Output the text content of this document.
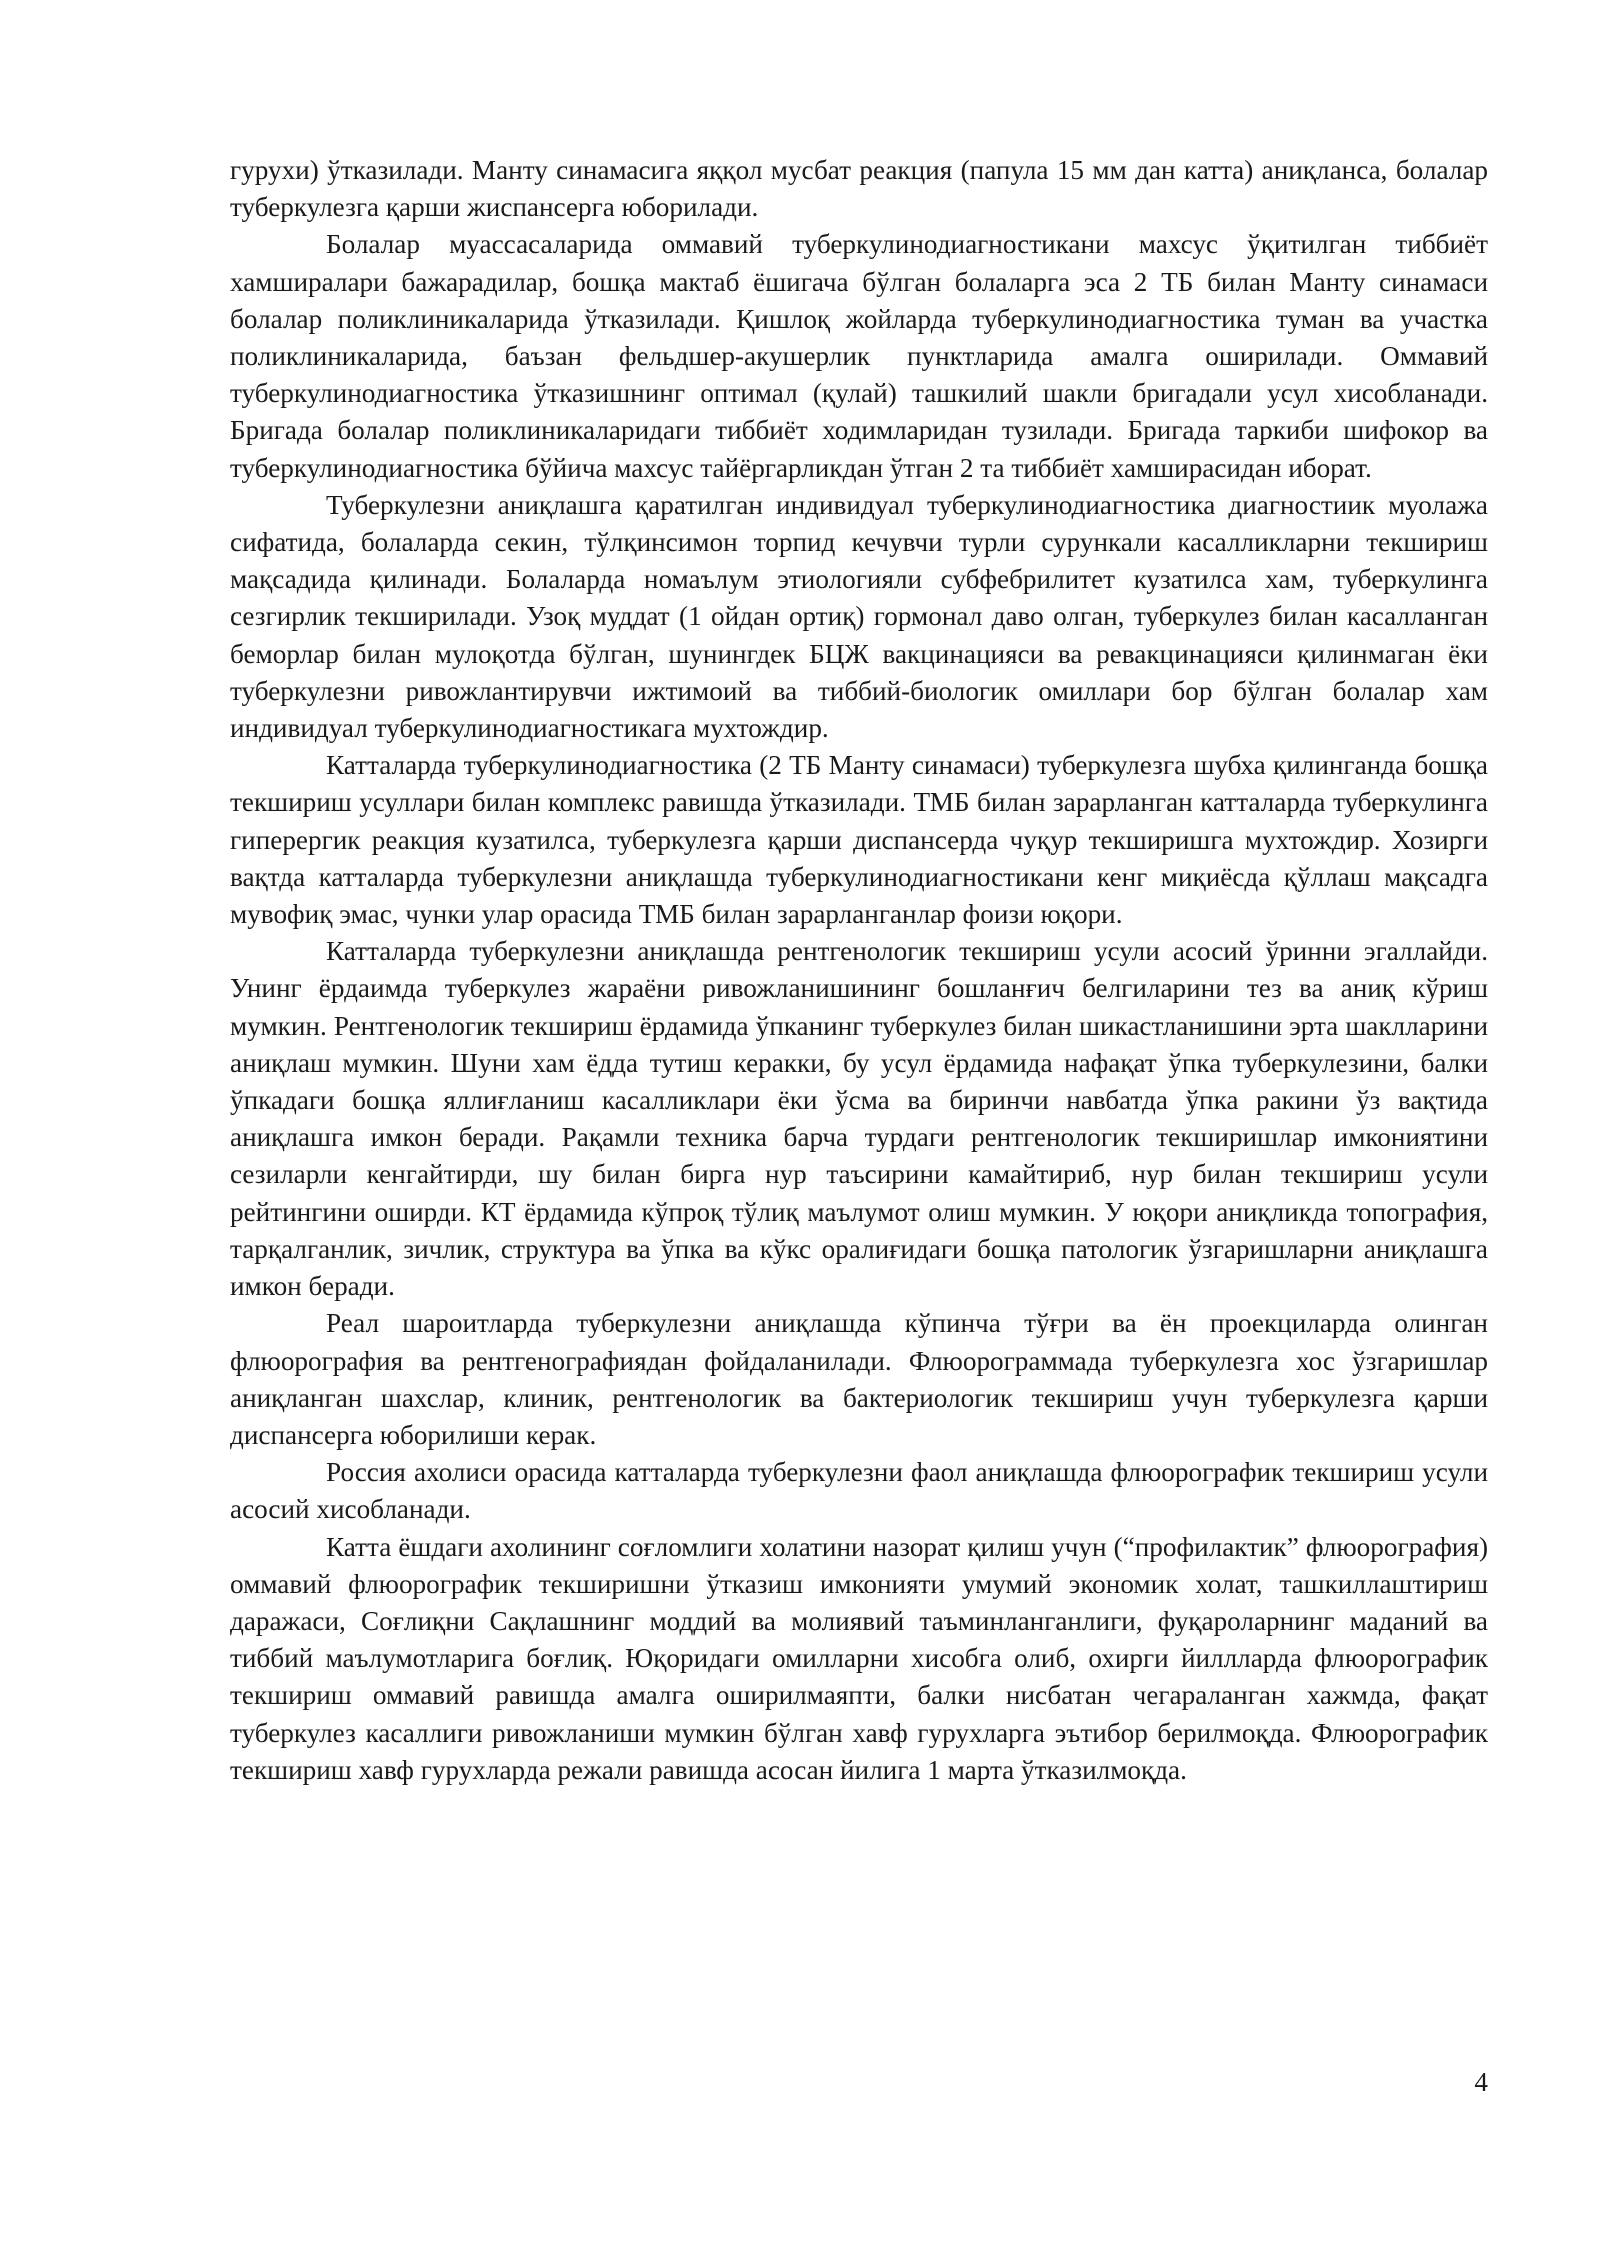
гурухи) ўтказилади. Манту синамасига яққол мусбат реакция (папула 15 мм дан катта) аниқланса, болалар туберкулезга қарши жиспансерга юборилади.

Болалар муассасаларида оммавий туберкулинодиагностикани махсус ўқитилган тиббиёт хамширалари бажарадилар, бошқа мактаб ёшигача бўлган болаларга эса 2 ТБ билан Манту синамаси болалар поликлиникаларида ўтказилади. Қишлоқ жойларда туберкулинодиагностика туман ва участка поликлиникаларида, баъзан фельдшер-акушерлик пунктларида амалга оширилади. Оммавий туберкулинодиагностика ўтказишнинг оптимал (қулай) ташкилий шакли бригадали усул хисобланади. Бригада болалар поликлиникаларидаги тиббиёт ходимларидан тузилади. Бригада таркиби шифокор ва туберкулинодиагностика бўйича махсус тайёргарликдан ўтган 2 та тиббиёт хамширасидан иборат.

Туберкулезни аниқлашга қаратилган индивидуал туберкулинодиагностика диагностиик муолажа сифатида, болаларда секин, тўлқинсимон торпид кечувчи турли сурункали касалликларни текшириш мақсадида қилинади. Болаларда номаълум этиологияли субфебрилитет кузатилса хам, туберкулинга сезгирлик текширилади. Узоқ муддат (1 ойдан ортиқ) гормонал даво олган, туберкулез билан касалланган беморлар билан мулоқотда бўлган, шунингдек БЦЖ вакцинацияси ва ревакцинацияси қилинмаган ёки туберкулезни ривожлантирувчи ижтимоий ва тиббий-биологик омиллари бор бўлган болалар хам индивидуал туберкулинодиагностикага мухтождир.

Катталарда туберкулинодиагностика (2 ТБ Манту синамаси) туберкулезга шубха қилинганда бошқа текшириш усуллари билан комплекс равишда ўтказилади. ТМБ билан зарарланган катталарда туберкулинга гиперергик реакция кузатилса, туберкулезга қарши диспансерда чуқур текширишга мухтождир. Хозирги вақтда катталарда туберкулезни аниқлашда туберкулинодиагностикани кенг миқиёсда қўллаш мақсадга мувофиқ эмас, чунки улар орасида ТМБ билан зарарланганлар фоизи юқори.

Катталарда туберкулезни аниқлашда рентгенологик текшириш усули асосий ўринни эгаллайди. Унинг ёрдаимда туберкулез жараёни ривожланишининг бошланғич белгиларини тез ва аниқ кўриш мумкин. Рентгенологик текшириш ёрдамида ўпканинг туберкулез билан шикастланишини эрта шаклларини аниқлаш мумкин. Шуни хам ёдда тутиш керакки, бу усул ёрдамида нафақат ўпка туберкулезини, балки ўпкадаги бошқа яллиғланиш касалликлари ёки ўсма ва биринчи навбатда ўпка ракини ўз вақтида аниқлашга имкон беради. Рақамли техника барча турдаги рентгенологик текширишлар имкониятини сезиларли кенгайтирди, шу билан бирга нур таъсирини камайтириб, нур билан текшириш усули рейтингини оширди. КТ ёрдамида кўпроқ тўлиқ маълумот олиш мумкин. У юқори аниқликда топография, тарқалганлик, зичлик, структура ва ўпка ва кўкс оралиғидаги бошқа патологик ўзгаришларни аниқлашга имкон беради.

Реал шароитларда туберкулезни аниқлашда кўпинча тўғри ва ён проекциларда олинган флюорография ва рентгенографиядан фойдаланилади. Флюорограммада туберкулезга хос ўзгаришлар аниқланган шахслар, клиник, рентгенологик ва бактериологик текшириш учун туберкулезга қарши диспансерга юборилиши керак.

Россия ахолиси орасида катталарда туберкулезни фаол аниқлашда флюорографик текшириш усули асосий хисобланади.

Катта ёшдаги ахолининг соғломлиги холатини назорат қилиш учун (“профилактик” флюорография) оммавий флюорографик текширишни ўтказиш имконияти умумий экономик холат, ташкиллаштириш даражаси, Соғлиқни Сақлашнинг моддий ва молиявий таъминланганлиги, фуқароларнинг маданий ва тиббий маълумотларига боғлиқ. Юқоридаги омилларни хисобга олиб, охирги йиллларда флюорографик текшириш оммавий равишда амалга оширилмаяпти, балки нисбатан чегараланган хажмда, фақат туберкулез касаллиги ривожланиши мумкин бўлган хавф гурухларга эътибор берилмоқда. Флюорографик текшириш хавф гурухларда режали равишда асосан йилига 1 марта ўтказилмоқда.

4
